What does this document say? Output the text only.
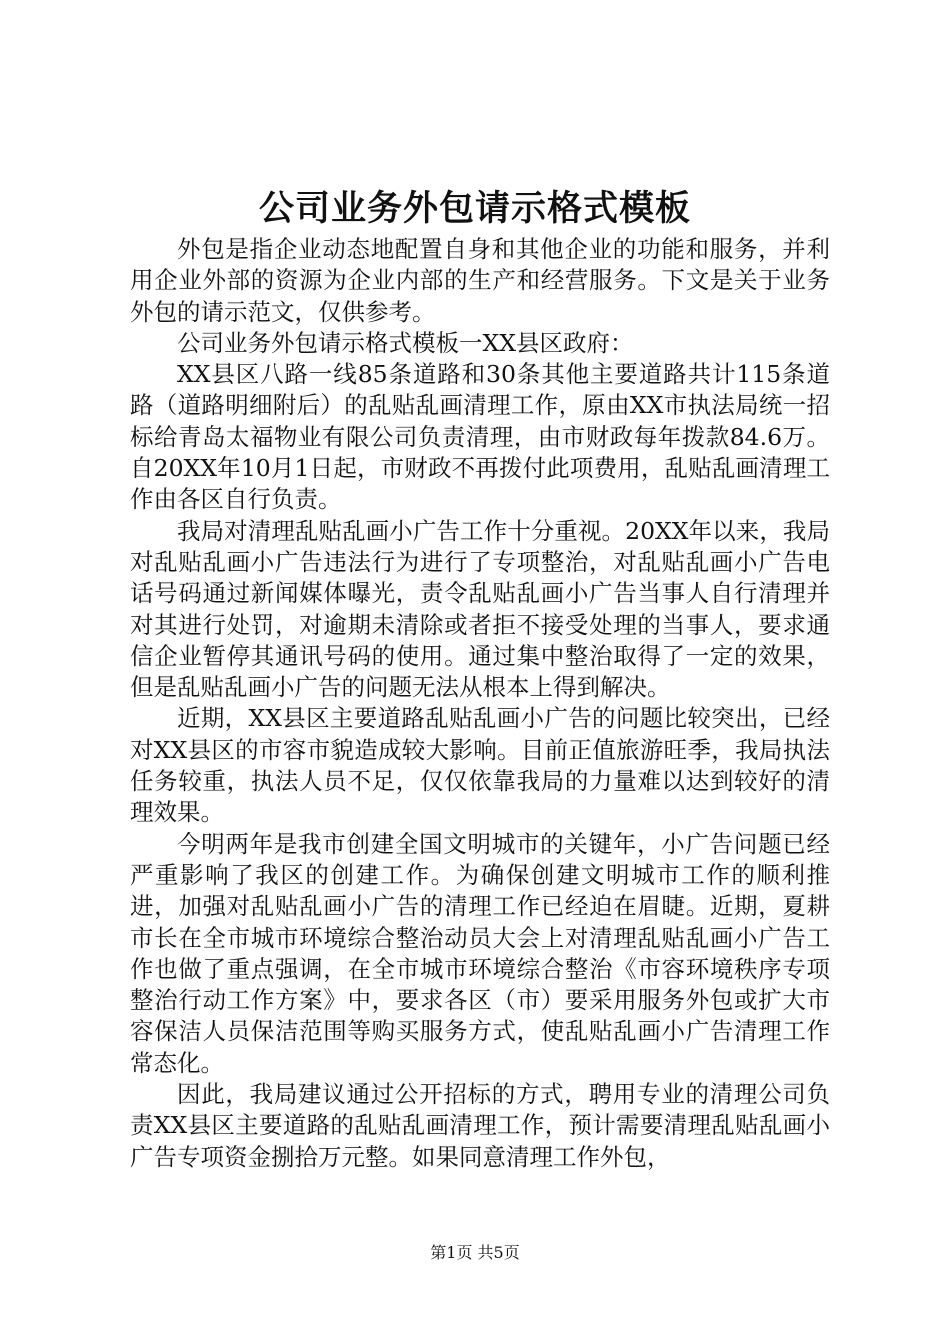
公司业务外包请示格式模板

外包是指企业动态地配置自身和其他企业的功能和服务，并利用企业外部的资源为企业内部的生产和经营服务。下文是关于业务外包的请示范文，仅供参考。

公司业务外包请示格式模板一XX县区政府：

XX县区八路一线85条道路和30条其他主要道路共计115条道路（道路明细附后）的乱贴乱画清理工作，原由XX市执法局统一招标给青岛太福物业有限公司负责清理，由市财政每年拨款84.6万。自20XX年10月1日起，市财政不再拨付此项费用，乱贴乱画清理工作由各区自行负责。

我局对清理乱贴乱画小广告工作十分重视。20XX年以来，我局对乱贴乱画小广告违法行为进行了专项整治，对乱贴乱画小广告电话号码通过新闻媒体曝光，责令乱贴乱画小广告当事人自行清理并对其进行处罚，对逾期未清除或者拒不接受处理的当事人，要求通信企业暂停其通讯号码的使用。通过集中整治取得了一定的效果，但是乱贴乱画小广告的问题无法从根本上得到解决。

近期，XX县区主要道路乱贴乱画小广告的问题比较突出，已经对XX县区的市容市貌造成较大影响。目前正值旅游旺季，我局执法任务较重，执法人员不足，仅仅依靠我局的力量难以达到较好的清理效果。

今明两年是我市创建全国文明城市的关键年，小广告问题已经严重影响了我区的创建工作。为确保创建文明城市工作的顺利推进，加强对乱贴乱画小广告的清理工作已经迫在眉睫。近期，夏耕市长在全市城市环境综合整治动员大会上对清理乱贴乱画小广告工作也做了重点强调，在全市城市环境综合整治《市容环境秩序专项整治行动工作方案》中，要求各区（市）要采用服务外包或扩大市容保洁人员保洁范围等购买服务方式，使乱贴乱画小广告清理工作常态化。

因此，我局建议通过公开招标的方式，聘用专业的清理公司负责XX县区主要道路的乱贴乱画清理工作，预计需要清理乱贴乱画小广告专项资金捌拾万元整。如果同意清理工作外包，

第1页 共5页
